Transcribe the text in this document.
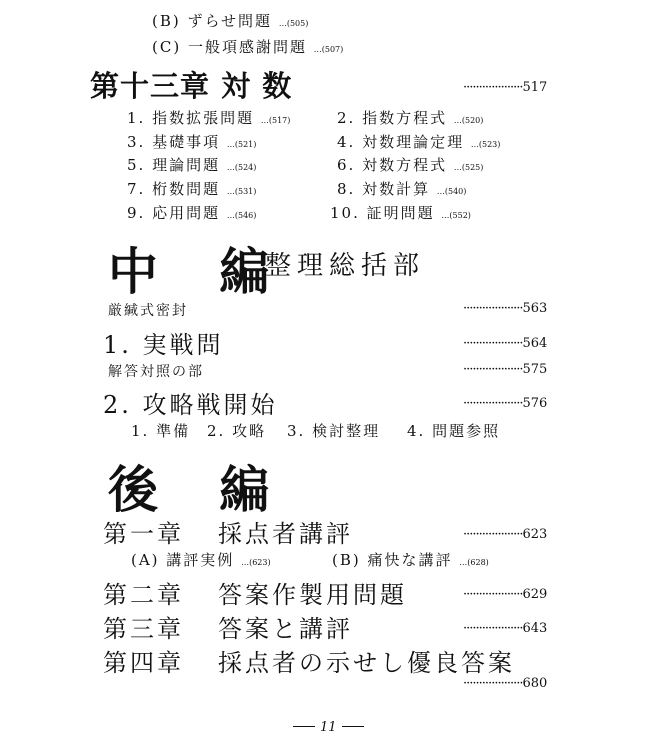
(B) ずらせ問題 …(505)
(C) 一般項感謝問題 …(507)
第十三章 対 数	···················517
1. 指数拡張問題 …(517)	2. 指数方程式 …(520)
3. 基礎事項 …(521)	4. 対数理論定理 …(523)
5. 理論問題 …(524)	6. 対数方程式 …(525)
7. 桁数問題 …(531)	8. 対数計算 …(540)
9. 応用問題 …(546)	10. 証明問題 …(552)
中 編
整理総括部
厳緘式密封	···················563
1. 実戦問	···················564
解答対照の部	···················575
2. 攻略戦開始	···················576
1. 準備 2. 攻略 3. 検討整理 4. 問題参照
後 編
第一章 採点者講評	···················623
(A) 講評実例 …(623)	(B) 痛快な講評 …(628)
第二章 答案作製用問題	···················629
第三章 答案と講評	···················643
第四章 採点者の示せし優良答案
···················680
11
